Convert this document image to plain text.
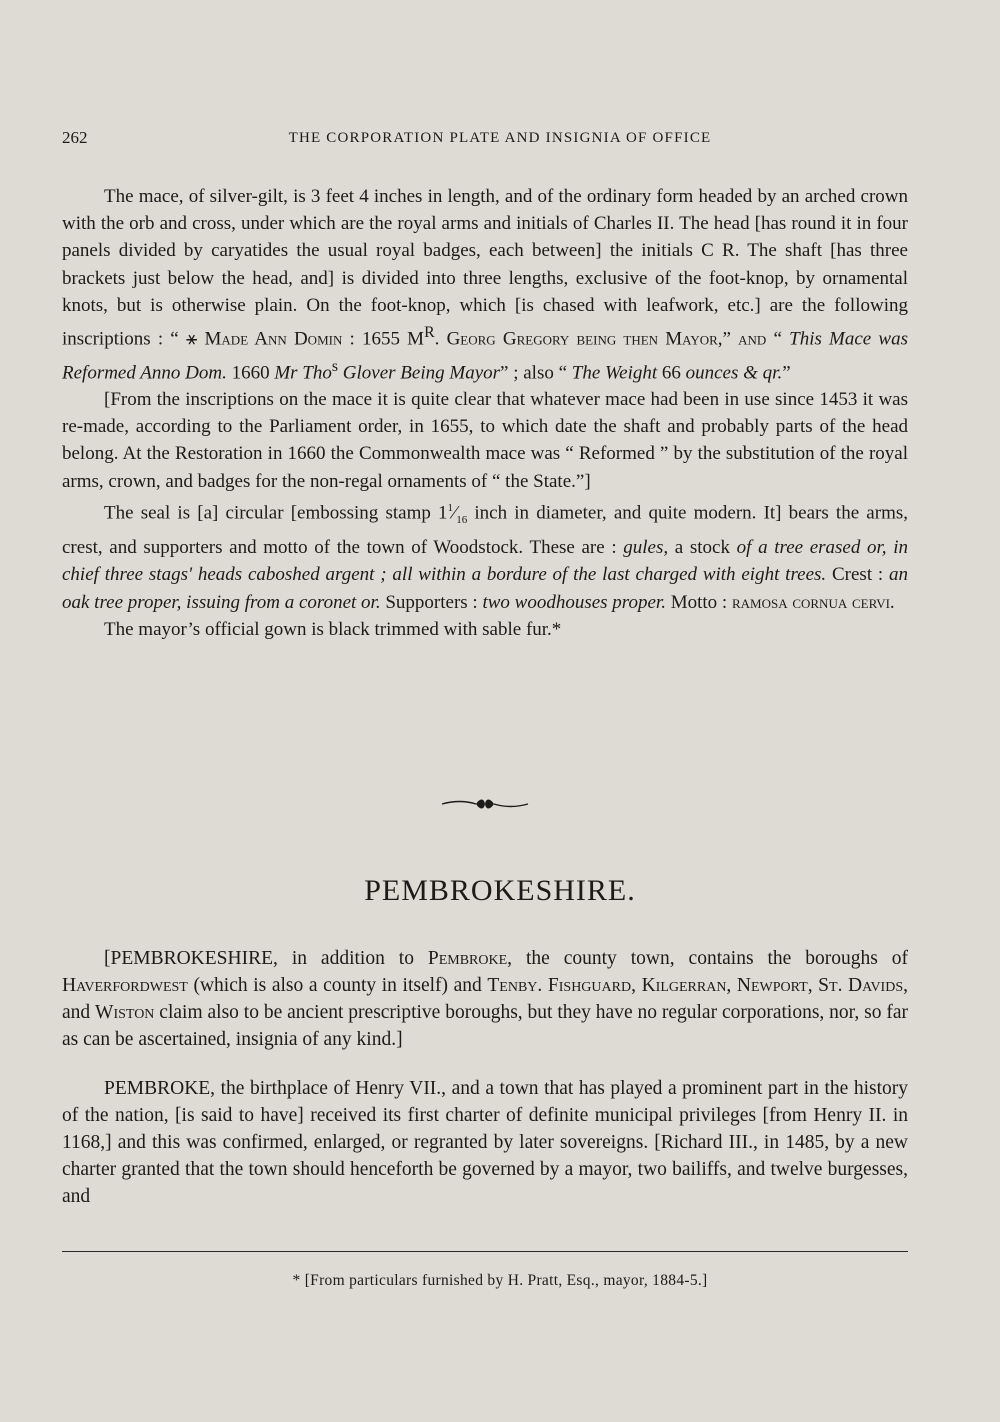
262	THE CORPORATION PLATE AND INSIGNIA OF OFFICE

The mace, of silver-gilt, is 3 feet 4 inches in length, and of the ordinary form headed by an arched crown with the orb and cross, under which are the royal arms and initials of Charles II. The head [has round it in four panels divided by caryatides the usual royal badges, each between] the initials C R. The shaft [has three brackets just below the head, and] is divided into three lengths, exclusive of the foot-knop, by ornamental knots, but is otherwise plain. On the foot-knop, which [is chased with leafwork, etc.] are the following inscriptions : “ ⚹ Made Ann Domin : 1655 $M^R$. Georg Gregory being then Mayor,” and “ This Mace was Reformed Anno Dom. 1660 Mr Tho$^s$ Glover Being Mayor” ; also “ The Weight 66 ounces & qr.”

[From the inscriptions on the mace it is quite clear that whatever mace had been in use since 1453 it was re-made, according to the Parliament order, in 1655, to which date the shaft and probably parts of the head belong. At the Restoration in 1660 the Commonwealth mace was “ Reformed ” by the substitution of the royal arms, crown, and badges for the non-regal ornaments of “ the State.”]

The seal is [a] circular [embossing stamp $1^1⁄_{16}$ inch in diameter, and quite modern. It] bears the arms, crest, and supporters and motto of the town of Woodstock. These are : gules, a stock of a tree erased or, in chief three stags' heads caboshed argent ; all within a bordure of the last charged with eight trees. Crest : an oak tree proper, issuing from a coronet or. Supporters : two woodhouses proper. Motto : ramosa cornua cervi.

The mayor’s official gown is black trimmed with sable fur.*

PEMBROKESHIRE.

[PEMBROKESHIRE, in addition to Pembroke, the county town, contains the boroughs of Haverfordwest (which is also a county in itself) and Tenby. Fishguard, Kilgerran, Newport, St. Davids, and Wiston claim also to be ancient prescriptive boroughs, but they have no regular corporations, nor, so far as can be ascertained, insignia of any kind.]

PEMBROKE, the birthplace of Henry VII., and a town that has played a prominent part in the history of the nation, [is said to have] received its first charter of definite municipal privileges [from Henry II. in 1168,] and this was confirmed, enlarged, or regranted by later sovereigns. [Richard III., in 1485, by a new charter granted that the town should henceforth be governed by a mayor, two bailiffs, and twelve burgesses, and

* [From particulars furnished by H. Pratt, Esq., mayor, 1884-5.]
